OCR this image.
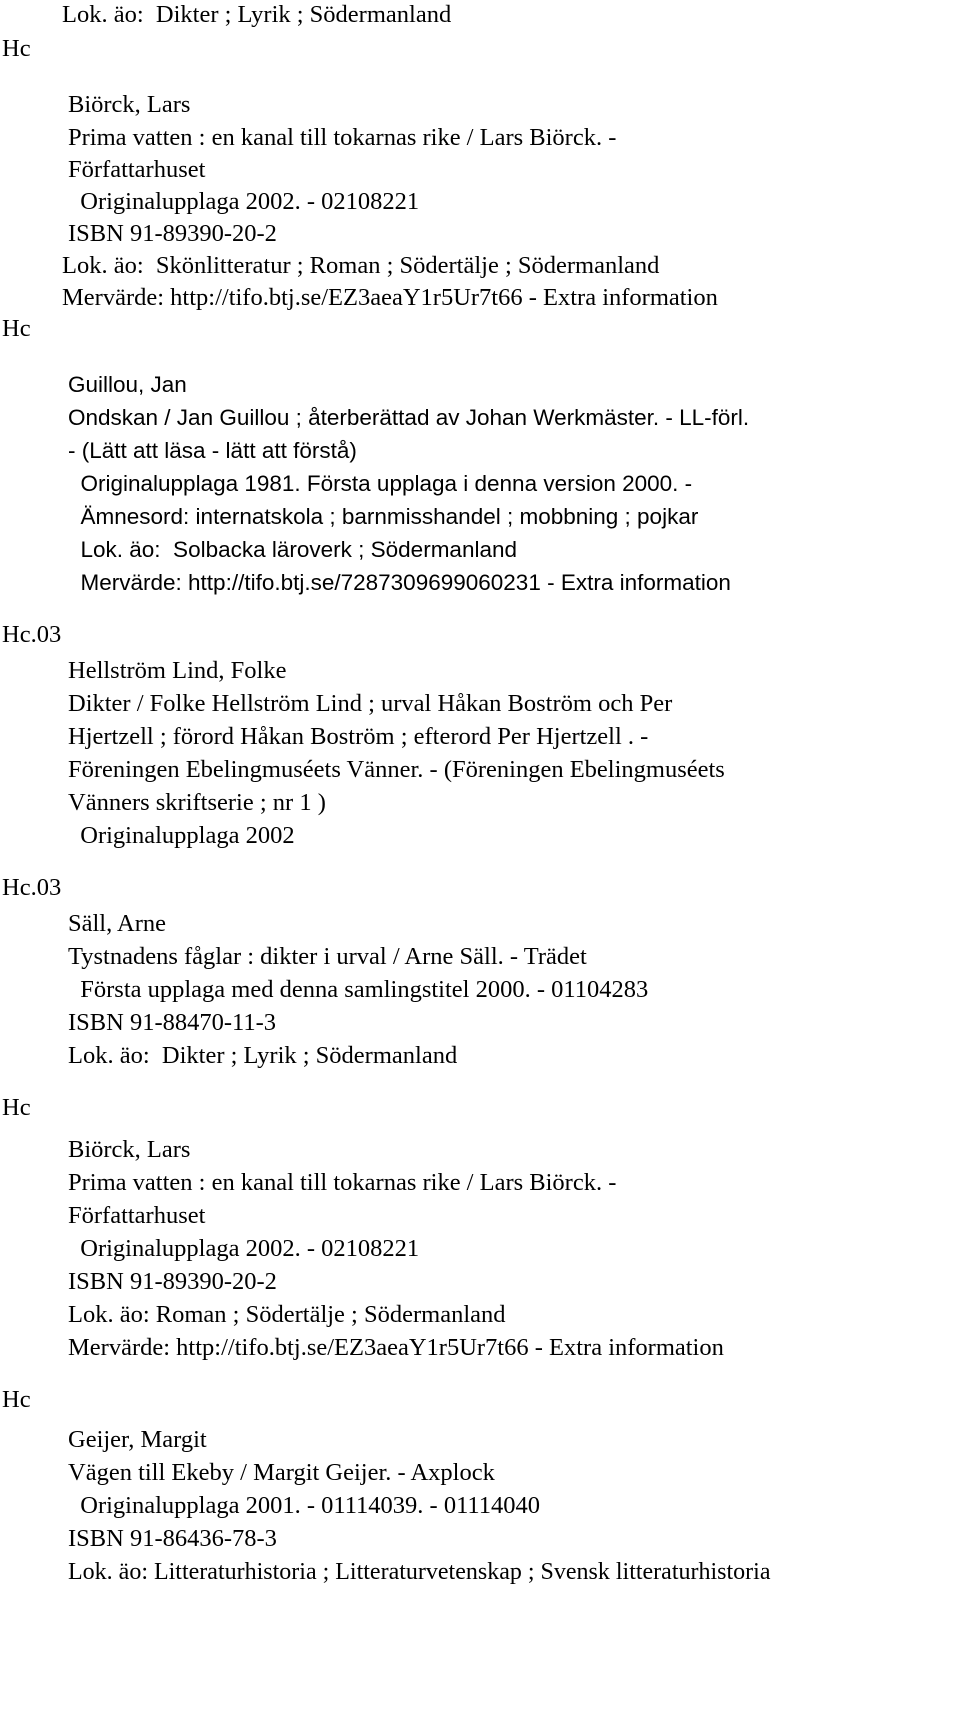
Lok. äo:  Dikter ; Lyrik ; Södermanland
Hc
Biörck, Lars
Prima vatten : en kanal till tokarnas rike / Lars Biörck. -
Författarhuset
Originalupplaga 2002. - 02108221
ISBN 91-89390-20-2
Lok. äo:  Skönlitteratur ; Roman ; Södertälje ; Södermanland
Mervärde: http://tifo.btj.se/EZ3aeaY1r5Ur7t66 - Extra information
Hc
Guillou, Jan
Ondskan / Jan Guillou ; återberättad av Johan Werkmäster. - LL-förl.
- (Lätt att läsa - lätt att förstå)
Originalupplaga 1981. Första upplaga i denna version 2000. -
Ämnesord: internatskola ; barnmisshandel ; mobbning ; pojkar
Lok. äo:  Solbacka läroverk ; Södermanland
Mervärde: http://tifo.btj.se/7287309699060231 - Extra information
Hc.03
Hellström Lind, Folke
Dikter / Folke Hellström Lind ; urval Håkan Boström och Per
Hjertzell ; förord Håkan Boström ; efterord Per Hjertzell . -
Föreningen Ebelingmuséets Vänner. - (Föreningen Ebelingmuséets
Vänners skriftserie ; nr 1 )
Originalupplaga 2002
Hc.03
Säll, Arne
Tystnadens fåglar : dikter i urval / Arne Säll. - Trädet
Första upplaga med denna samlingstitel 2000. - 01104283
ISBN 91-88470-11-3
Lok. äo:  Dikter ; Lyrik ; Södermanland
Hc
Biörck, Lars
Prima vatten : en kanal till tokarnas rike / Lars Biörck. -
Författarhuset
Originalupplaga 2002. - 02108221
ISBN 91-89390-20-2
Lok. äo: Roman ; Södertälje ; Södermanland
Mervärde: http://tifo.btj.se/EZ3aeaY1r5Ur7t66 - Extra information
Hc
Geijer, Margit
Vägen till Ekeby / Margit Geijer. - Axplock
Originalupplaga 2001. - 01114039. - 01114040
ISBN 91-86436-78-3
Lok. äo: Litteraturhistoria ; Litteraturvetenskap ; Svensk litteraturhistoria
